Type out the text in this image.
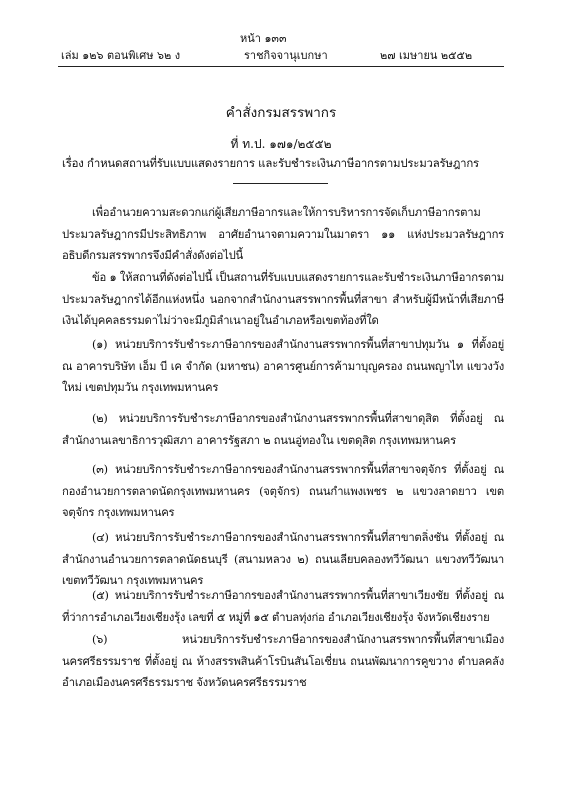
หน้า ๑๓๓
เล่ม ๑๒๖ ตอนพิเศษ ๖๒ ง	ราชกิจจานุเบกษา	๒๗ เมษายน ๒๕๕๒
คำสั่งกรมสรรพากร
ที่ ท.ป. ๑๗๑/๒๕๕๒
เรื่อง กำหนดสถานที่รับแบบแสดงรายการ และรับชำระเงินภาษีอากรตามประมวลรัษฎากร
เพื่ออำนวยความสะดวกแก่ผู้เสียภาษีอากรและให้การบริหารการจัดเก็บภาษีอากรตามประมวลรัษฎากรมีประสิทธิภาพ อาศัยอำนาจตามความในมาตรา ๑๑ แห่งประมวลรัษฎากร อธิบดีกรมสรรพากรจึงมีคำสั่งดังต่อไปนี้
ข้อ ๑ ให้สถานที่ดังต่อไปนี้ เป็นสถานที่รับแบบแสดงรายการและรับชำระเงินภาษีอากรตามประมวลรัษฎากรได้อีกแห่งหนึ่ง นอกจากสำนักงานสรรพากรพื้นที่สาขา สำหรับผู้มีหน้าที่เสียภาษีเงินได้บุคคลธรรมดาไม่ว่าจะมีภูมิลำเนาอยู่ในอำเภอหรือเขตท้องที่ใด
(๑) หน่วยบริการรับชำระภาษีอากรของสำนักงานสรรพากรพื้นที่สาขาปทุมวัน ๑ ที่ตั้งอยู่ ณ อาคารบริษัท เอ็ม บี เค จำกัด (มหาชน) อาคารศูนย์การค้ามาบุญครอง ถนนพญาไท แขวงวังใหม่ เขตปทุมวัน กรุงเทพมหานคร
(๒) หน่วยบริการรับชำระภาษีอากรของสำนักงานสรรพากรพื้นที่สาขาดุสิต ที่ตั้งอยู่ ณ สำนักงานเลขาธิการวุฒิสภา อาคารรัฐสภา ๒ ถนนอู่ทองใน เขตดุสิต กรุงเทพมหานคร
(๓) หน่วยบริการรับชำระภาษีอากรของสำนักงานสรรพากรพื้นที่สาขาจตุจักร ที่ตั้งอยู่ ณ กองอำนวยการตลาดนัดกรุงเทพมหานคร (จตุจักร) ถนนกำแพงเพชร ๒ แขวงลาดยาว เขตจตุจักร กรุงเทพมหานคร
(๔) หน่วยบริการรับชำระภาษีอากรของสำนักงานสรรพากรพื้นที่สาขาตลิ่งชัน ที่ตั้งอยู่ ณ สำนักงานอำนวยการตลาดนัดธนบุรี (สนามหลวง ๒) ถนนเลียบคลองทวีวัฒนา แขวงทวีวัฒนา เขตทวีวัฒนา กรุงเทพมหานคร
(๕) หน่วยบริการรับชำระภาษีอากรของสำนักงานสรรพากรพื้นที่สาขาเวียงชัย ที่ตั้งอยู่ ณ ที่ว่าการอำเภอเวียงเชียงรุ้ง เลขที่ ๕ หมู่ที่ ๑๕ ตำบลทุ่งก่อ อำเภอเวียงเชียงรุ้ง จังหวัดเชียงราย
(๖) หน่วยบริการรับชำระภาษีอากรของสำนักงานสรรพากรพื้นที่สาขาเมืองนครศรีธรรมราช ที่ตั้งอยู่ ณ ห้างสรรพสินค้าโรบินสันโอเชี่ยน ถนนพัฒนาการคูขวาง ตำบลคลัง อำเภอเมืองนครศรีธรรมราช จังหวัดนครศรีธรรมราช
